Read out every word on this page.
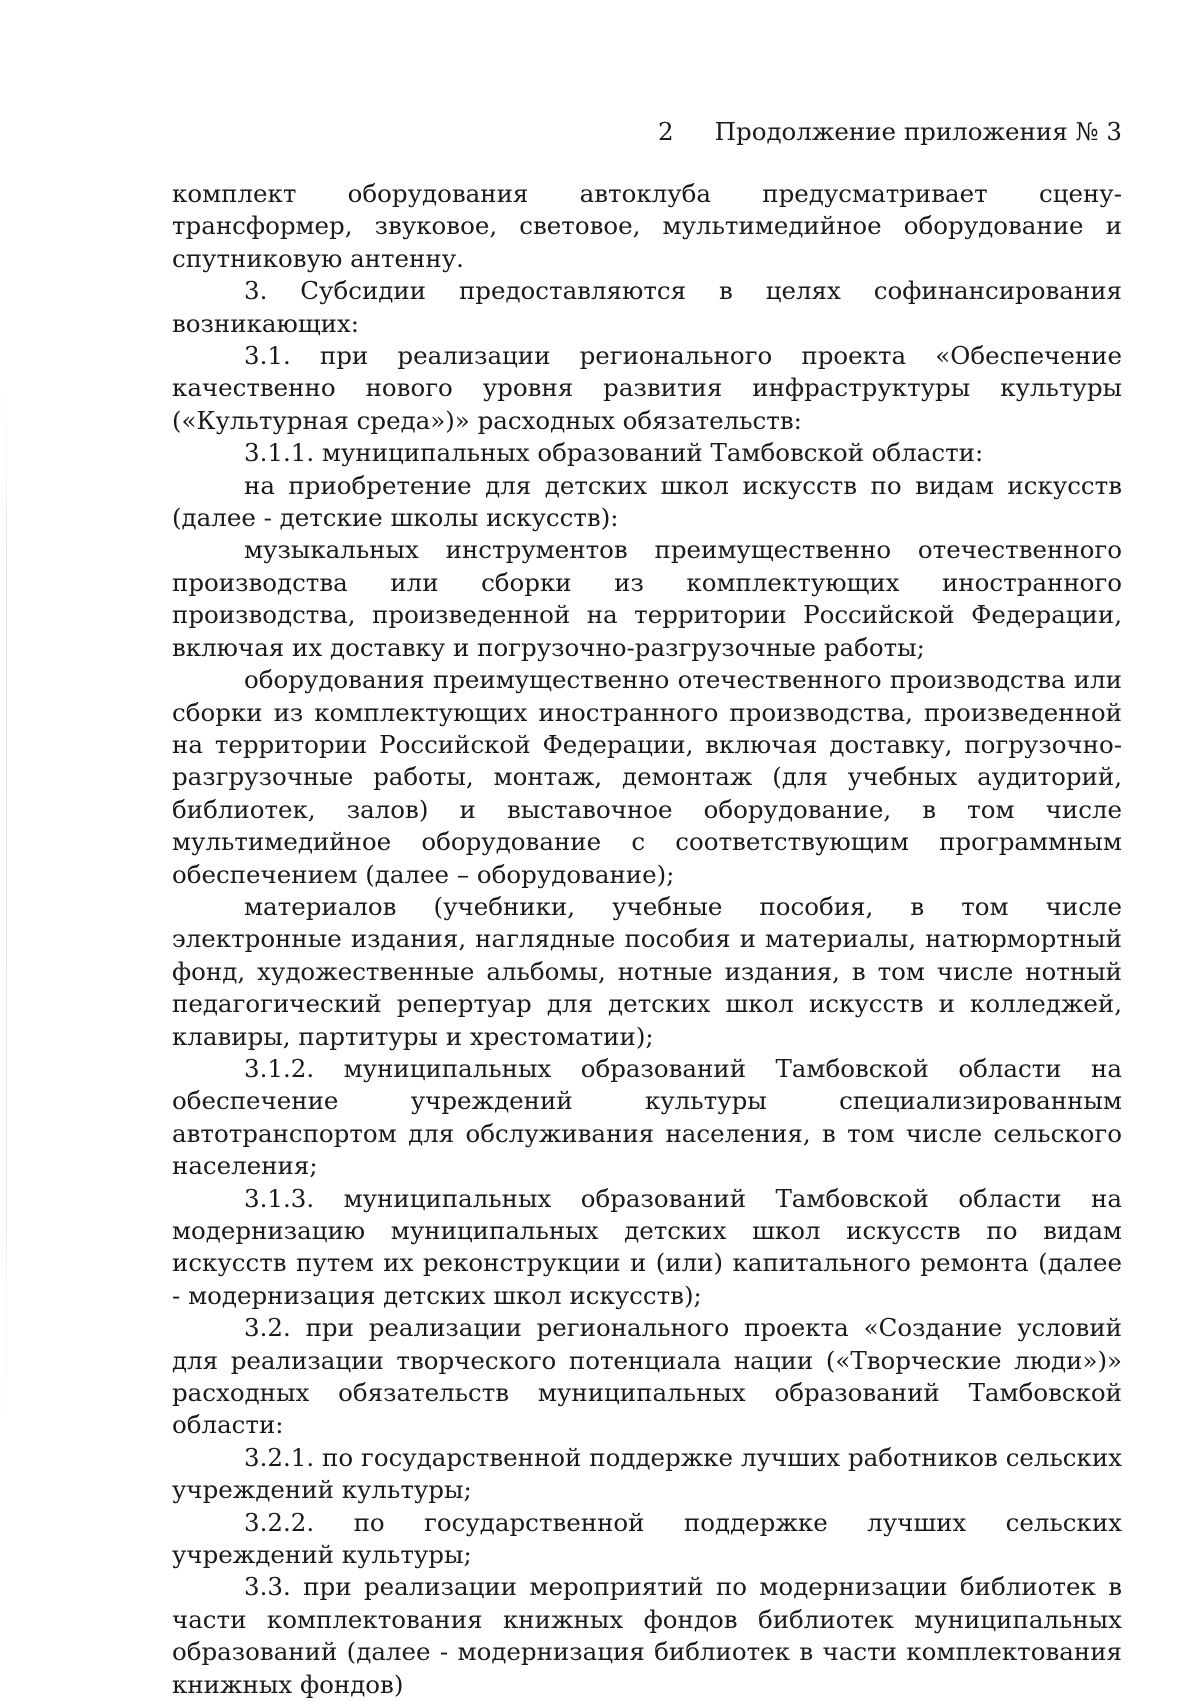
2 Продолжение приложения № 3

комплект оборудования автоклуба предусматривает сцену-трансформер, звуковое, световое, мультимедийное оборудование и спутниковую антенну.

3. Субсидии предоставляются в целях софинансирования возникающих:

3.1. при реализации регионального проекта «Обеспечение качественно нового уровня развития инфраструктуры культуры («Культурная среда»)» расходных обязательств:

3.1.1. муниципальных образований Тамбовской области:

на приобретение для детских школ искусств по видам искусств (далее - детские школы искусств):

музыкальных инструментов преимущественно отечественного производства или сборки из комплектующих иностранного производства, произведенной на территории Российской Федерации, включая их доставку и погрузочно-разгрузочные работы;

оборудования преимущественно отечественного производства или сборки из комплектующих иностранного производства, произведенной на территории Российской Федерации, включая доставку, погрузочно-разгрузочные работы, монтаж, демонтаж (для учебных аудиторий, библиотек, залов) и выставочное оборудование, в том числе мультимедийное оборудование с соответствующим программным обеспечением (далее – оборудование);

материалов (учебники, учебные пособия, в том числе электронные издания, наглядные пособия и материалы, натюрмортный фонд, художественные альбомы, нотные издания, в том числе нотный педагогический репертуар для детских школ искусств и колледжей, клавиры, партитуры и хрестоматии);

3.1.2. муниципальных образований Тамбовской области на обеспечение учреждений культуры специализированным автотранспортом для обслуживания населения, в том числе сельского населения;

3.1.3. муниципальных образований Тамбовской области на модернизацию муниципальных детских школ искусств по видам искусств путем их реконструкции и (или) капитального ремонта (далее - модернизация детских школ искусств);

3.2. при реализации регионального проекта «Создание условий для реализации творческого потенциала нации («Творческие люди»)» расходных обязательств муниципальных образований Тамбовской области:

3.2.1. по государственной поддержке лучших работников сельских учреждений культуры;

3.2.2. по государственной поддержке лучших сельских учреждений культуры;

3.3. при реализации мероприятий по модернизации библиотек в части комплектования книжных фондов библиотек муниципальных образований (далее - модернизация библиотек в части комплектования книжных фондов)
